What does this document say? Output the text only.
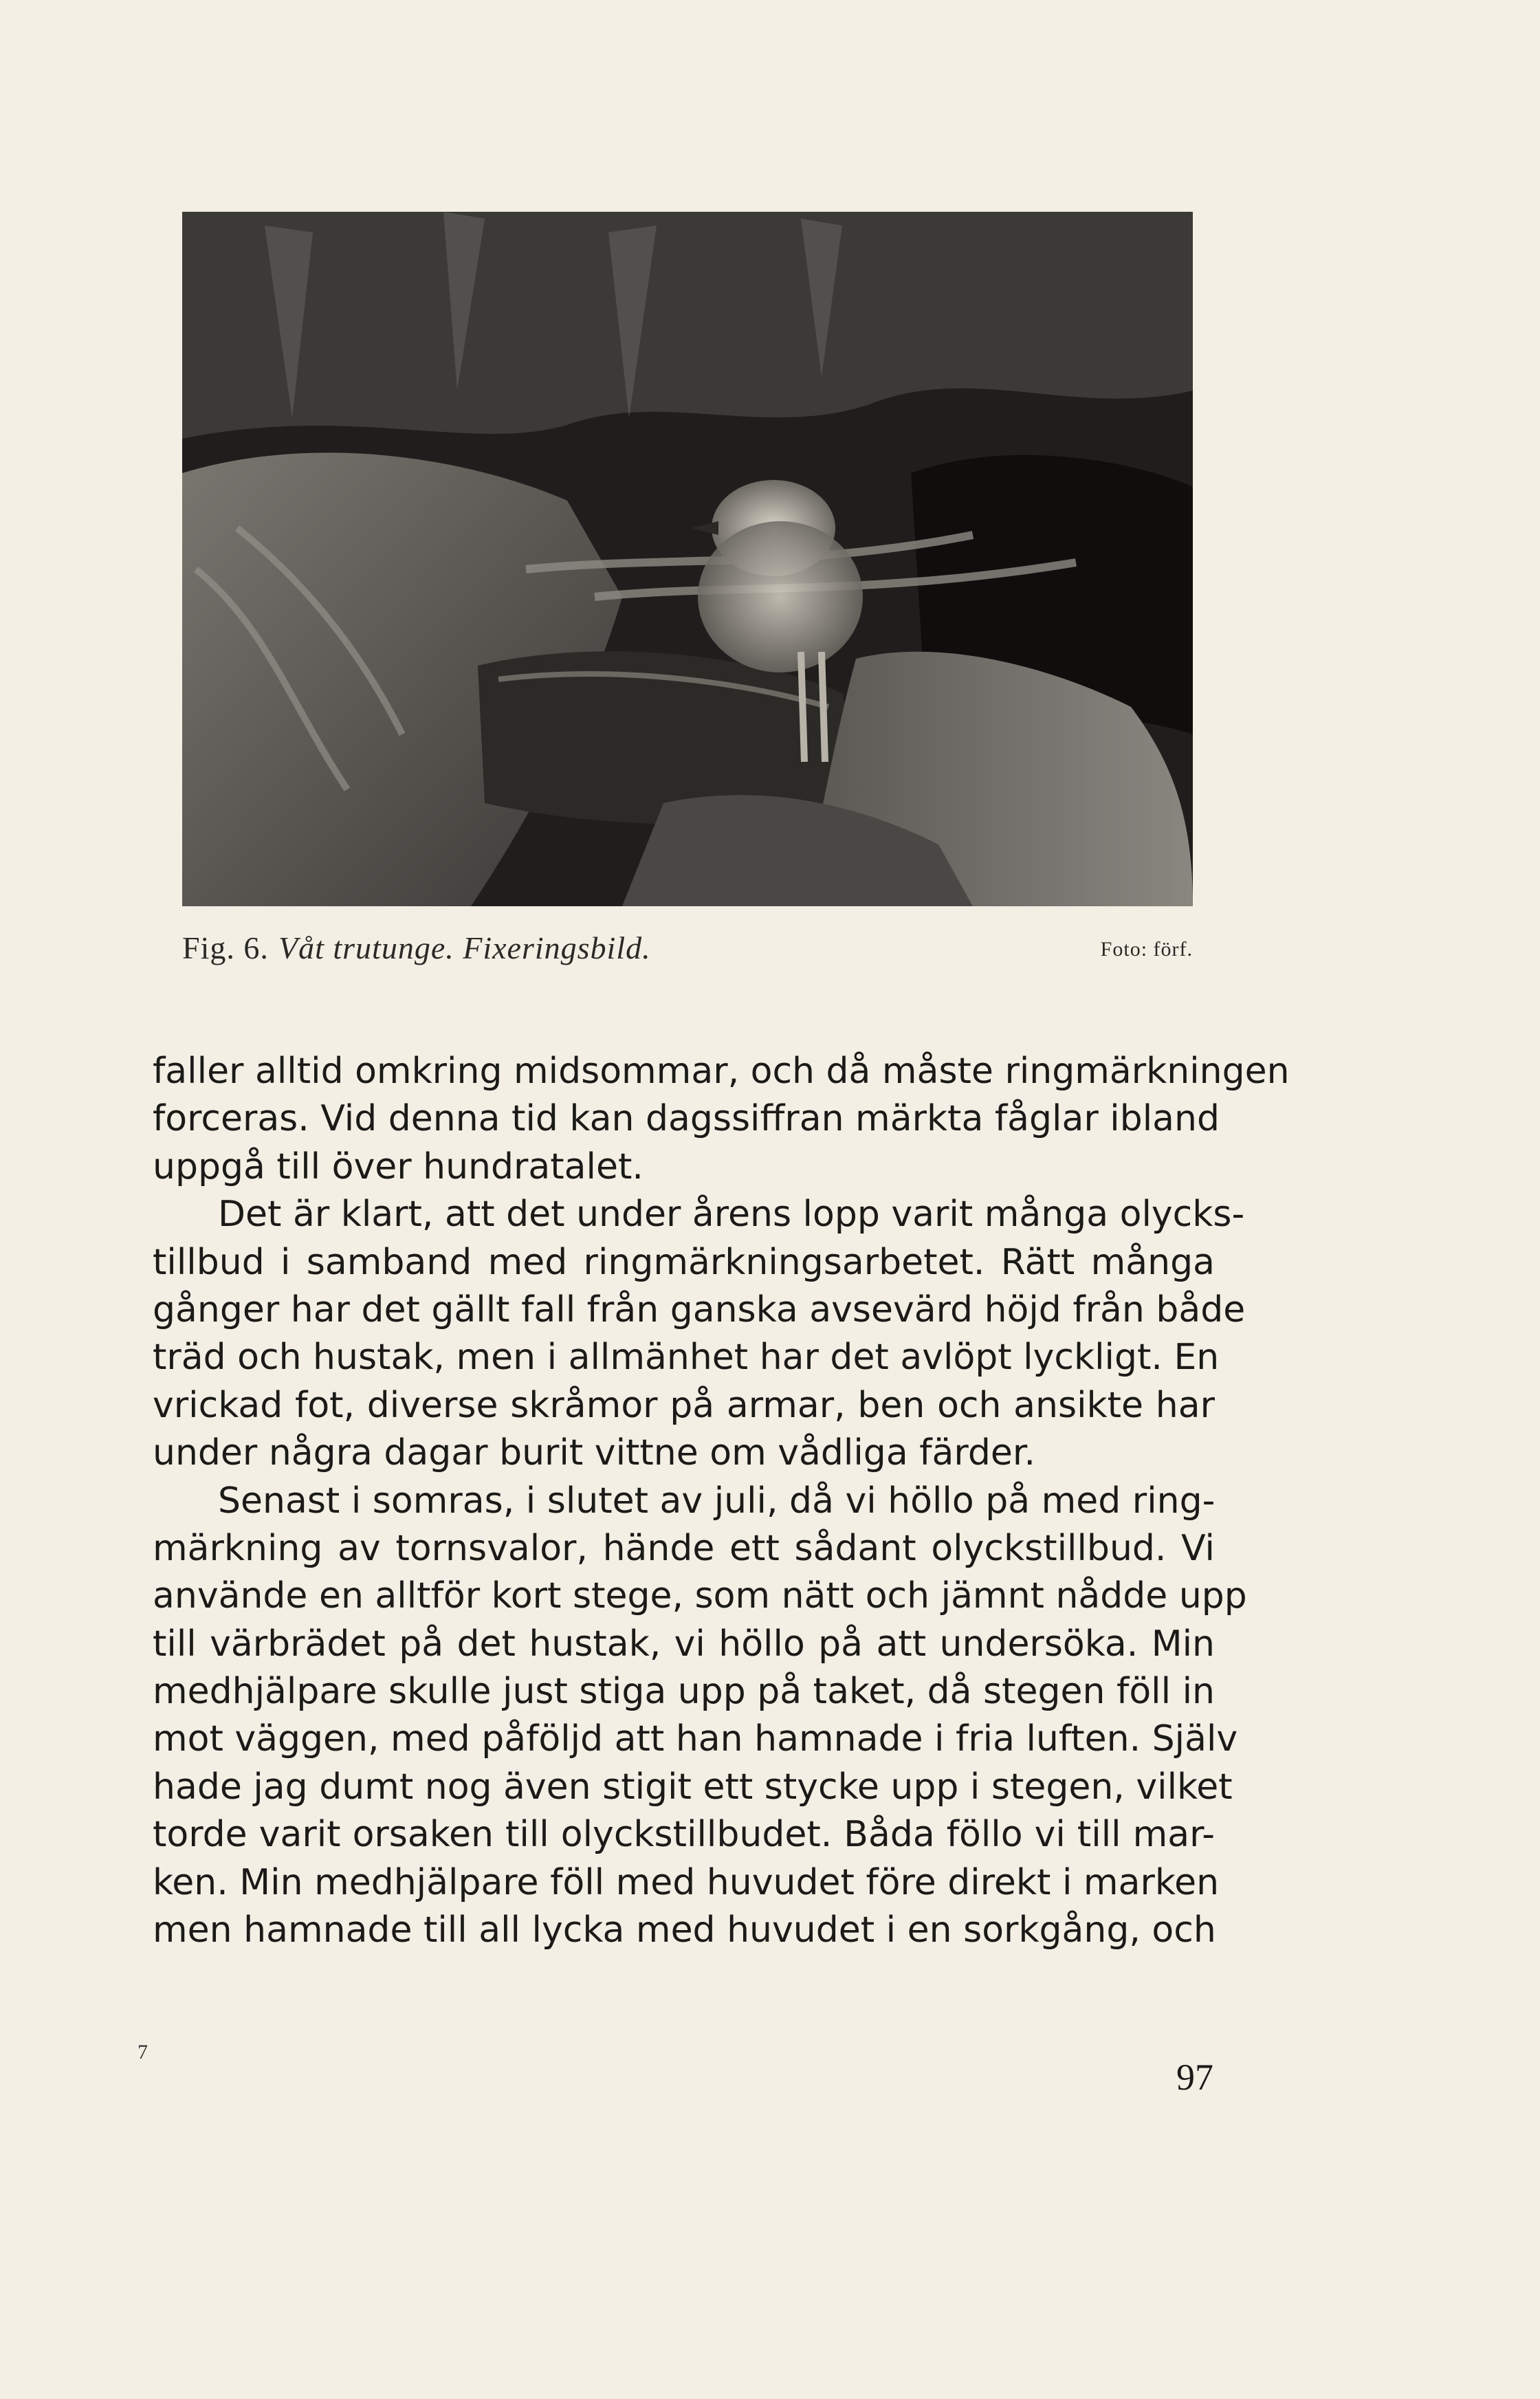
Fig. 6. Våt trutunge. Fixeringsbild.	Foto: förf.
faller alltid omkring midsommar, och då måste ringmärkningen
forceras. Vid denna tid kan dagssiffran märkta fåglar ibland
uppgå till över hundratalet.
Det är klart, att det under årens lopp varit många olycks-
tillbud i samband med ringmärkningsarbetet. Rätt många
gånger har det gällt fall från ganska avsevärd höjd från både
träd och hustak, men i allmänhet har det avlöpt lyckligt. En
vrickad fot, diverse skråmor på armar, ben och ansikte har
under några dagar burit vittne om vådliga färder.
Senast i somras, i slutet av juli, då vi höllo på med ring-
märkning av tornsvalor, hände ett sådant olyckstillbud. Vi
använde en alltför kort stege, som nätt och jämnt nådde upp
till värbrädet på det hustak, vi höllo på att undersöka. Min
medhjälpare skulle just stiga upp på taket, då stegen föll in
mot väggen, med påföljd att han hamnade i fria luften. Själv
hade jag dumt nog även stigit ett stycke upp i stegen, vilket
torde varit orsaken till olyckstillbudet. Båda föllo vi till mar-
ken. Min medhjälpare föll med huvudet före direkt i marken
men hamnade till all lycka med huvudet i en sorkgång, och
7
97
